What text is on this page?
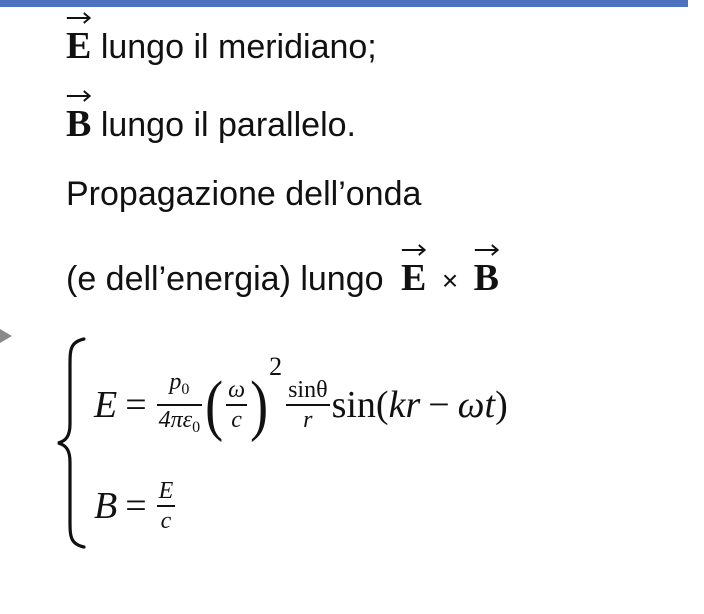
E lungo il meridiano;
B lungo il parallelo.
Propagazione dell’onda
(e dell’energia) lungo E × B
$E = \frac{p_0}{4\pi\varepsilon_0}$ ( $\frac{\omega}{c}$ )
2
$\frac{\sin\theta}{r} \sin$( kr − ωt )
$B = \frac{E}{c}$
